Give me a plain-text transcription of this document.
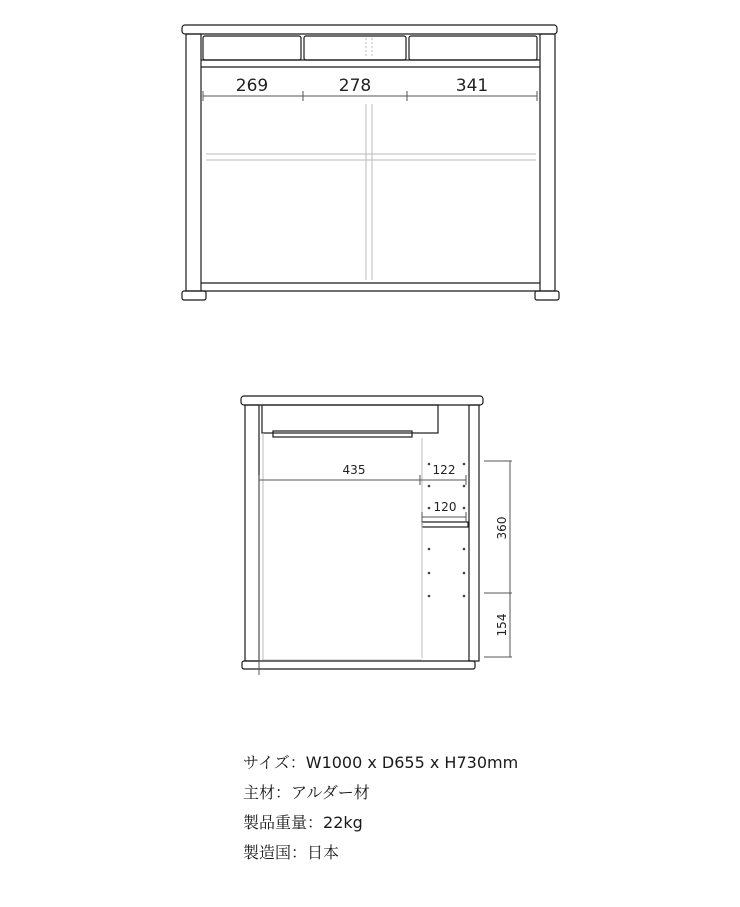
269	278	341
435	122
120
360
154
サイズ：W1000 x D655 x H730mm
主材：アルダー材
製品重量：22kg
製造国：日本
